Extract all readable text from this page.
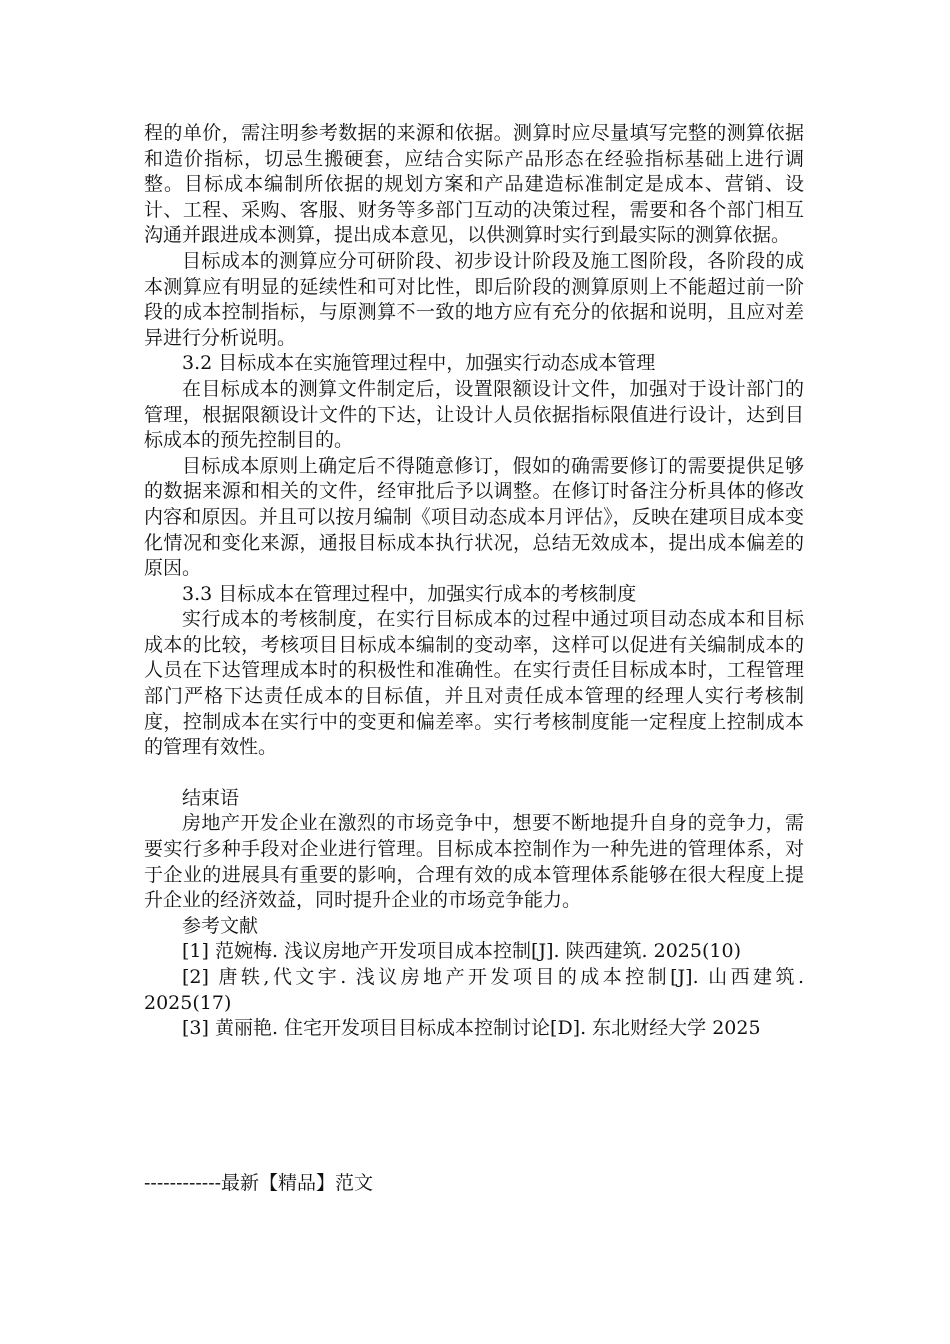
程的单价，需注明参考数据的来源和依据。测算时应尽量填写完整的测算依据和造价指标，切忌生搬硬套，应结合实际产品形态在经验指标基础上进行调整。目标成本编制所依据的规划方案和产品建造标准制定是成本、营销、设计、工程、采购、客服、财务等多部门互动的决策过程，需要和各个部门相互沟通并跟进成本测算，提出成本意见，以供测算时实行到最实际的测算依据。

目标成本的测算应分可研阶段、初步设计阶段及施工图阶段，各阶段的成本测算应有明显的延续性和可对比性，即后阶段的测算原则上不能超过前一阶段的成本控制指标，与原测算不一致的地方应有充分的依据和说明，且应对差异进行分析说明。

3.2 目标成本在实施管理过程中，加强实行动态成本管理

在目标成本的测算文件制定后，设置限额设计文件，加强对于设计部门的管理，根据限额设计文件的下达，让设计人员依据指标限值进行设计，达到目标成本的预先控制目的。

目标成本原则上确定后不得随意修订，假如的确需要修订的需要提供足够的数据来源和相关的文件，经审批后予以调整。在修订时备注分析具体的修改内容和原因。并且可以按月编制《项目动态成本月评估》，反映在建项目成本变化情况和变化来源，通报目标成本执行状况，总结无效成本，提出成本偏差的原因。

3.3 目标成本在管理过程中，加强实行成本的考核制度

实行成本的考核制度，在实行目标成本的过程中通过项目动态成本和目标成本的比较，考核项目目标成本编制的变动率，这样可以促进有关编制成本的人员在下达管理成本时的积极性和准确性。在实行责任目标成本时，工程管理部门严格下达责任成本的目标值，并且对责任成本管理的经理人实行考核制度，控制成本在实行中的变更和偏差率。实行考核制度能一定程度上控制成本的管理有效性。

结束语

房地产开发企业在激烈的市场竞争中，想要不断地提升自身的竞争力，需要实行多种手段对企业进行管理。目标成本控制作为一种先进的管理体系，对于企业的进展具有重要的影响，合理有效的成本管理体系能够在很大程度上提升企业的经济效益，同时提升企业的市场竞争能力。

参考文献

[1] 范婉梅. 浅议房地产开发项目成本控制[J]. 陕西建筑. 2025(10)

[2] 唐轶,代文宇. 浅议房地产开发项目的成本控制[J]. 山西建筑. 2025(17)

[3] 黄丽艳. 住宅开发项目目标成本控制讨论[D]. 东北财经大学 2025

------------最新【精品】范文
